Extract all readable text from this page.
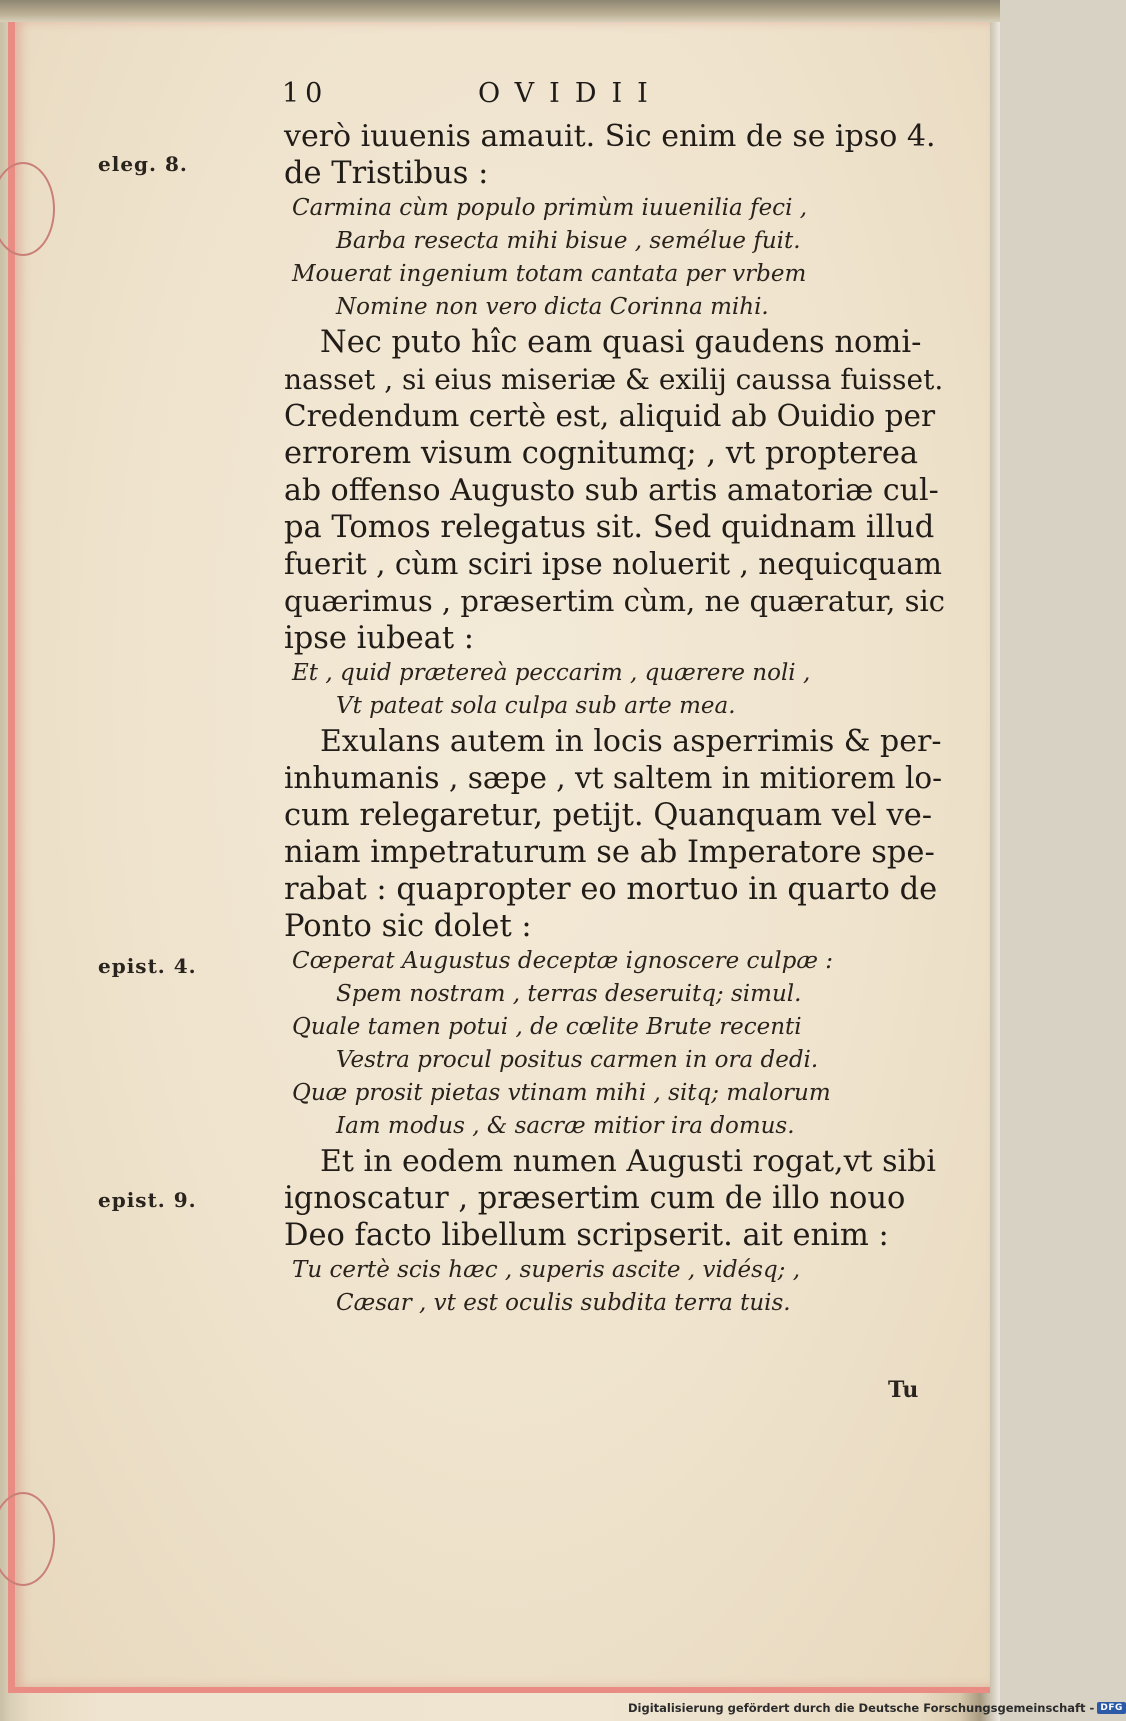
10	OVIDII
eleg. 8.
epist. 4.
epist. 9.
verò iuuenis amauit. Sic enim de se ipso 4.
de Tristibus :
Carmina cùm populo primùm iuuenilia feci ,
Barba resecta mihi bisue , semélue fuit.
Mouerat ingenium totam cantata per vrbem
Nomine non vero dicta Corinna mihi.
Nec puto hîc eam quasi gaudens nomi-
nasset , si eius miseriæ & exilij caussa fuisset.
Credendum certè est, aliquid ab Ouidio per
errorem visum cognitumq; , vt propterea
ab offenso Augusto sub artis amatoriæ cul-
pa Tomos relegatus sit. Sed quidnam illud
fuerit , cùm sciri ipse noluerit , nequicquam
quærimus , præsertim cùm, ne quæratur, sic
ipse iubeat :
Et , quid prætereà peccarim , quærere noli ,
Vt pateat sola culpa sub arte mea.
Exulans autem in locis asperrimis & per-
inhumanis , sæpe , vt saltem in mitiorem lo-
cum relegaretur, petijt. Quanquam vel ve-
niam impetraturum se ab Imperatore spe-
rabat : quapropter eo mortuo in quarto de
Ponto sic dolet :
Cœperat Augustus deceptæ ignoscere culpæ :
Spem nostram , terras deseruitq; simul.
Quale tamen potui , de cœlite Brute recenti
Vestra procul positus carmen in ora dedi.
Quæ prosit pietas vtinam mihi , sitq; malorum
Iam modus , & sacræ mitior ira domus.
Et in eodem numen Augusti rogat,vt sibi
ignoscatur , præsertim cum de illo nouo
Deo facto libellum scripserit. ait enim :
Tu certè scis hæc , superis ascite , vidésq; ,
Cæsar , vt est oculis subdita terra tuis.
Tu
Digitalisierung gefördert durch die Deutsche Forschungsgemeinschaft - DFG
